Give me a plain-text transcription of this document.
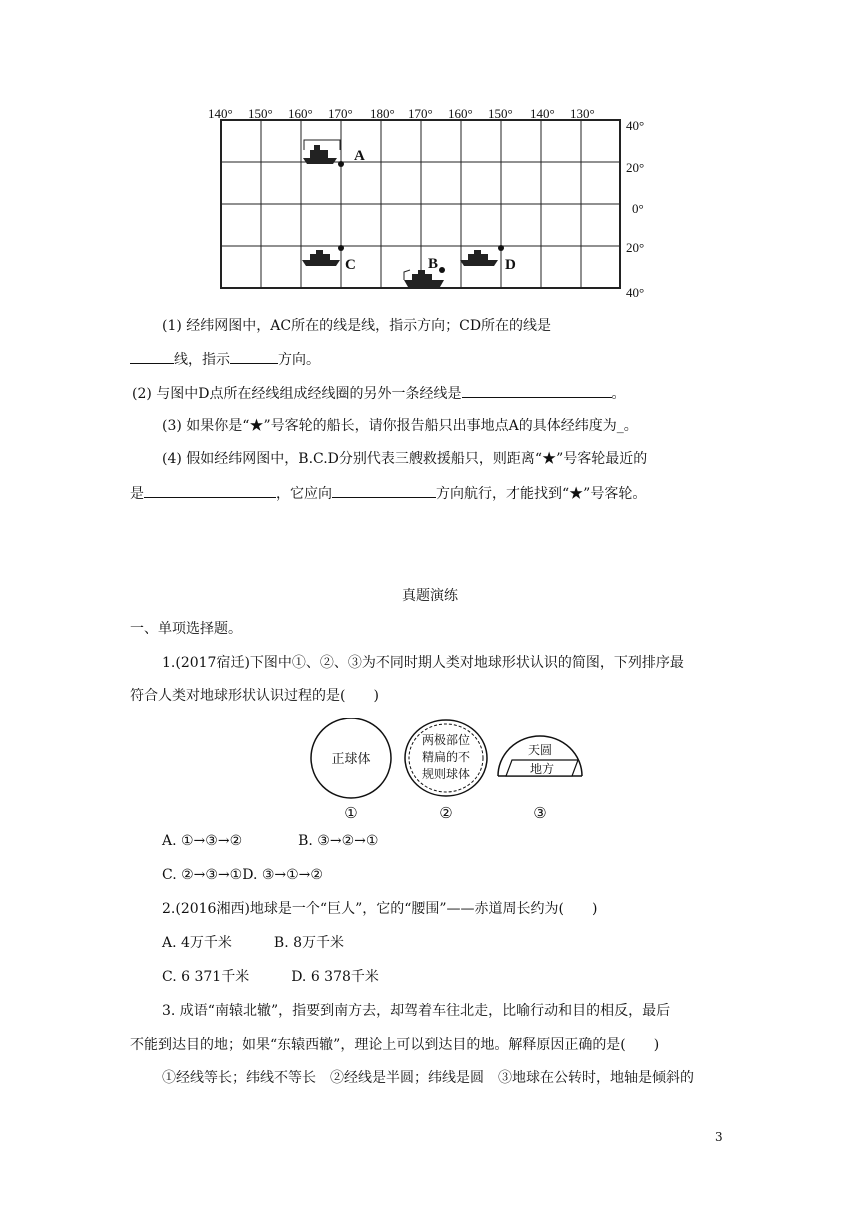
140° 150° 160° 170° 180° 170° 160° 150° 140° 130°
40°
20°
0°
20°
40°
A
C	B	D
(1) 经纬网图中，AC所在的线是线，指示方向；CD所在的线是
线，指示	方向。
(2) 与图中D点所在经线组成经线圈的另外一条经线是	。
(3) 如果你是“★”号客轮的船长，请你报告船只出事地点A的具体经纬度为_。
(4) 假如经纬网图中，B.C.D分别代表三艘救援船只，则距离“★”号客轮最近的
是	，它应向	方向航行，才能找到“★”号客轮。
真题演练
一、单项选择题。
1.(2017宿迁)下图中①、②、③为不同时期人类对地球形状认识的简图，下列排序最
符合人类对地球形状认识过程的是(　　)
正球体
两极部位
精扁的不
规则球体
天圆
地方
①	②	③
A. ①→③→②　　　　B. ③→②→①
C. ②→③→①D. ③→①→②
2.(2016湘西)地球是一个“巨人”，它的“腰围”——赤道周长约为(　　)
A. 4万千米　　　B. 8万千米
C. 6 371千米　　　D. 6 378千米
3. 成语“南辕北辙”，指要到南方去，却驾着车往北走，比喻行动和目的相反，最后
不能到达目的地；如果“东辕西辙”，理论上可以到达目的地。解释原因正确的是(　　)
①经线等长；纬线不等长　②经线是半圆；纬线是圆　③地球在公转时，地轴是倾斜的
3
